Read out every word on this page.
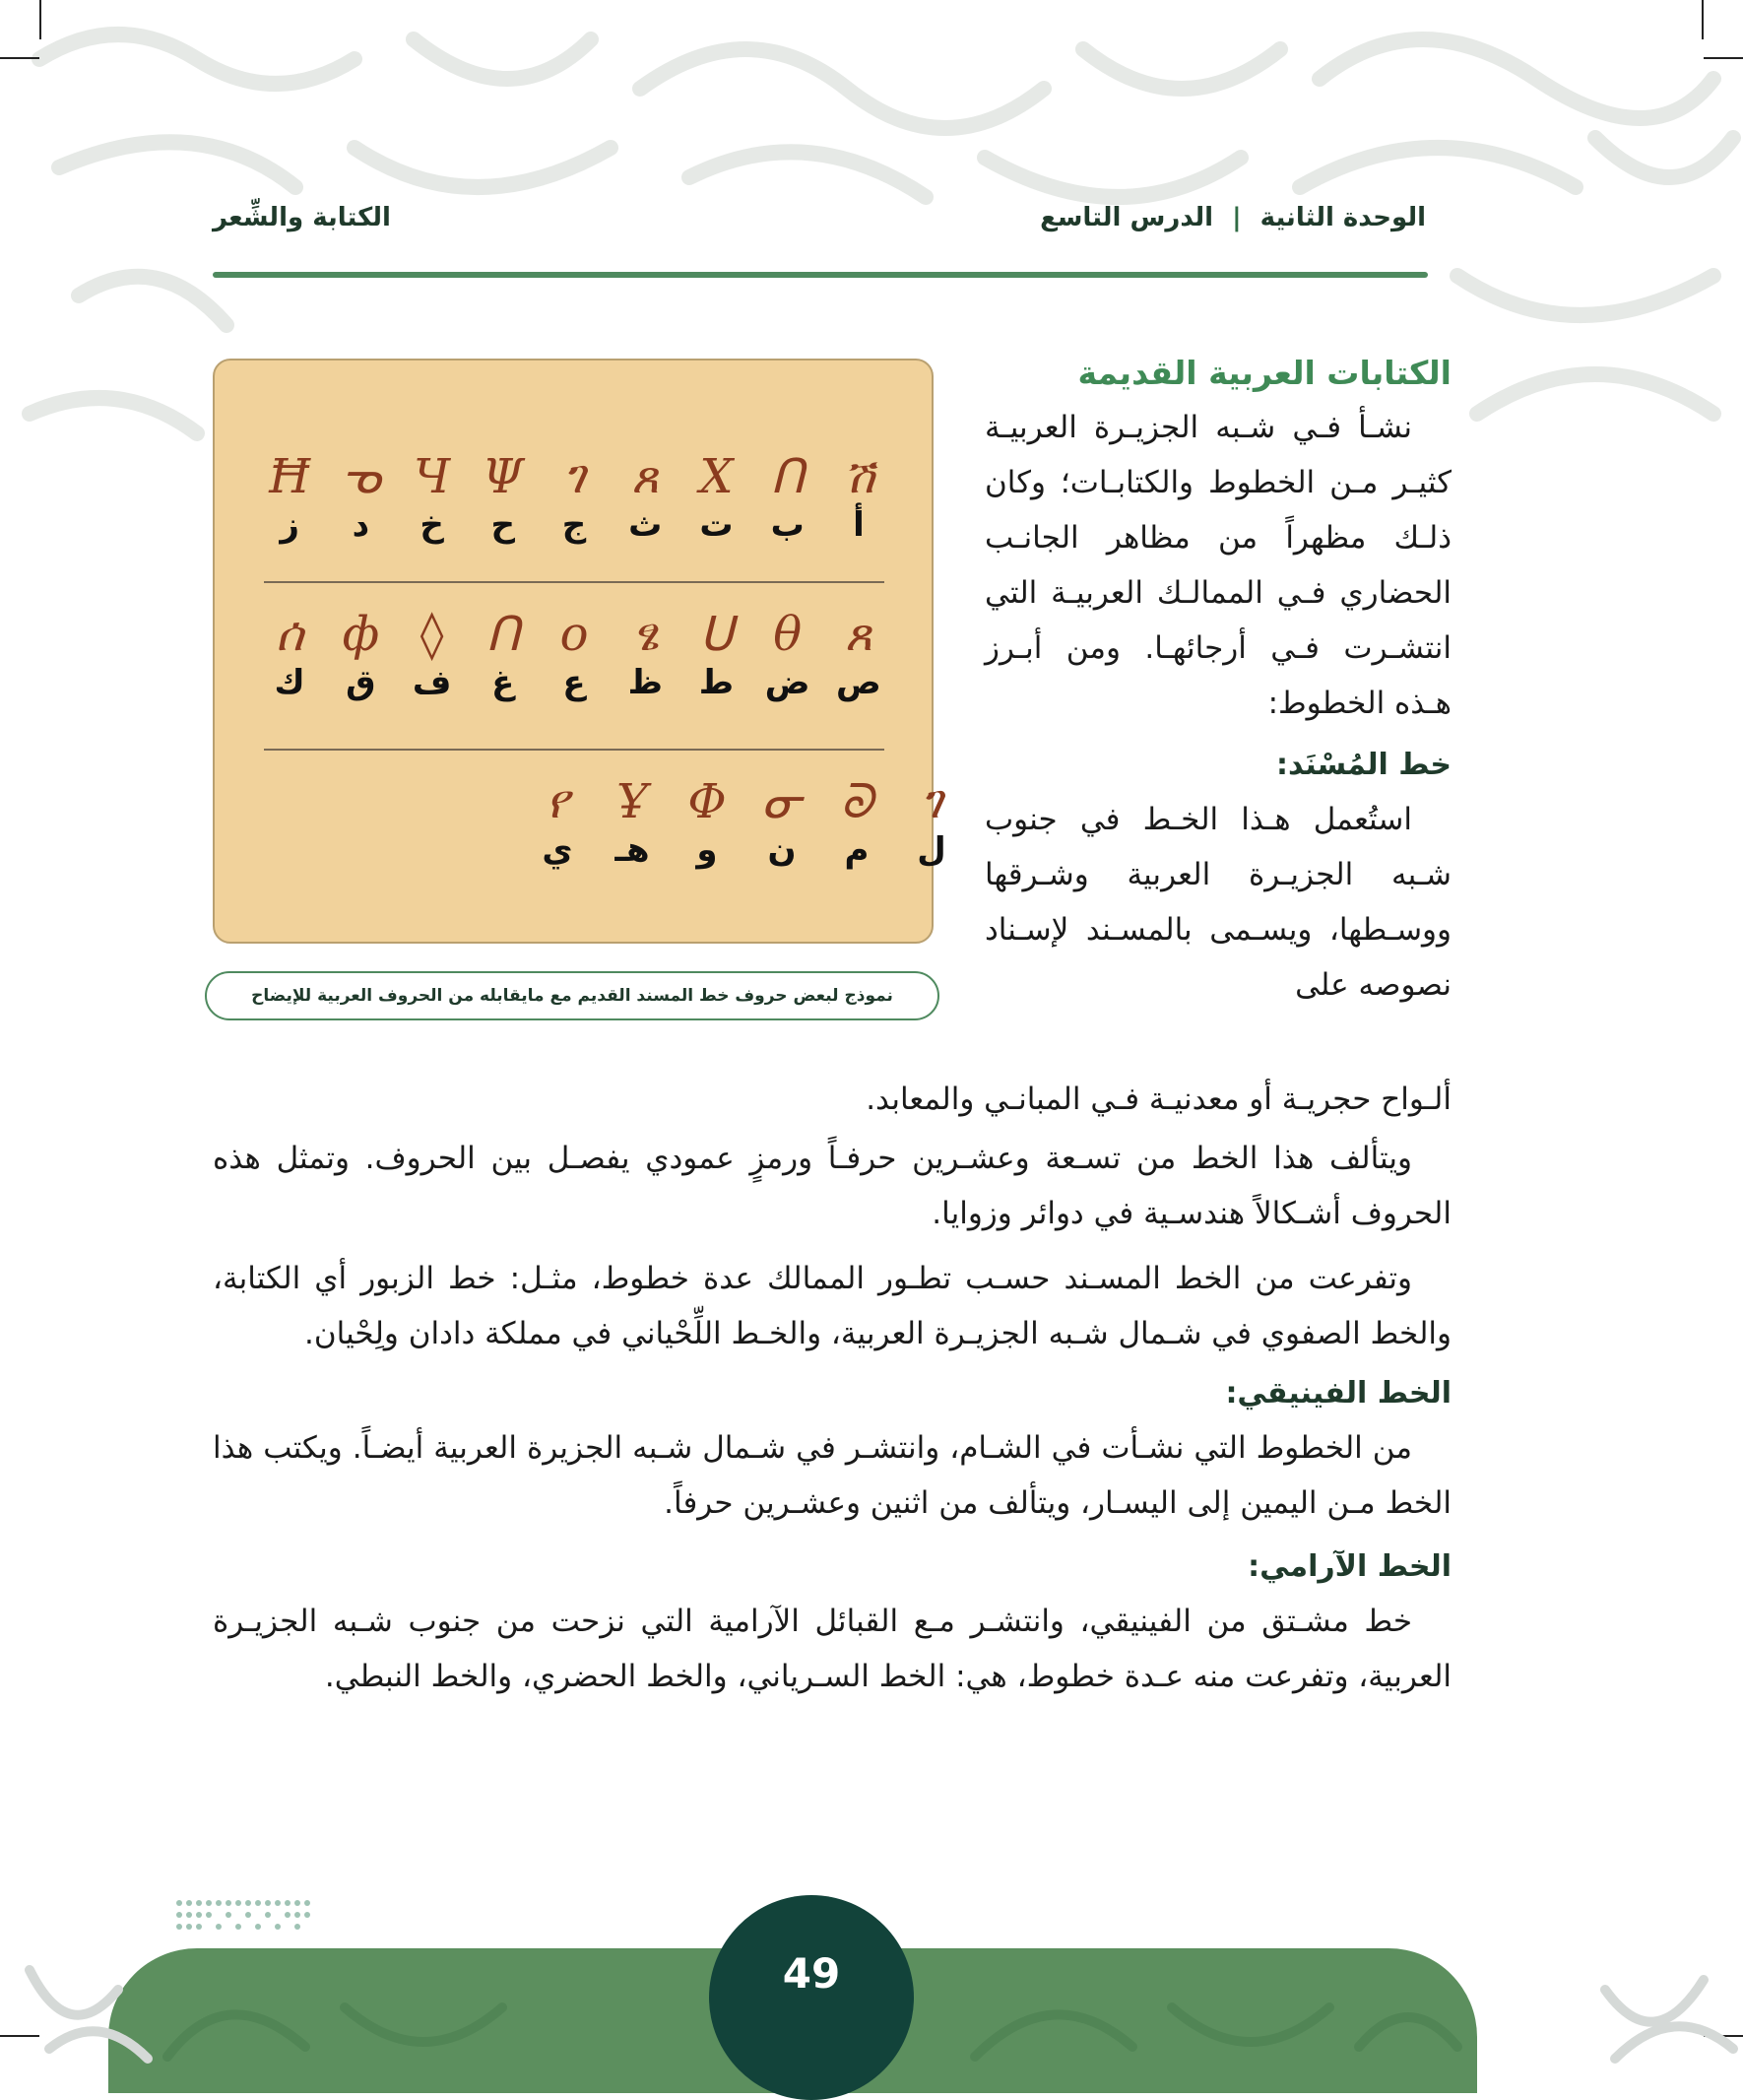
الوحدة الثانية | الدرس التاسع
الكتابة والشِّعر
ሽ
ᑎ
X
ጸ
ገ
Ψ
Ч
ᓀ
Ħ
أ
ب
ت
ث
ج
ح
خ
د
ز
ጸ
θ
ᑌ
ፄ
o
ᑎ
◊
ф
ሰ
ص
ض
ط
ظ
ع
غ
ف
ق
ك
ገ
ᘐ
ᓂ
Φ
Ұ
የ
ل
م
ن
و
هـ
ي
نموذج لبعض حروف خط المسند القديم مع مايقابله من الحروف العربية للإيضاح

الكتابات العربية القديمة

نشـأ فـي شـبه الجزيـرة العربيـة كثيـر مـن الخطوط والكتابـات؛ وكان ذلـك مظهراً من مظاهر الجانـب الحضاري فـي الممالـك العربيـة التي انتشـرت فـي أرجائهـا. ومن أبـرز هـذه الخطوط:

خط المُسْنَد:

استُعمل هـذا الخـط في جنوب شـبه الجزيـرة العربية وشـرقها ووسـطها، ويسـمى بالمسـند لإسـناد نصوصه على

ألـواح حجريـة أو معدنيـة فـي المبانـي والمعابد.

ويتألف هذا الخط من تسـعة وعشـرين حرفـاً ورمزٍ عمودي يفصـل بين الحروف. وتمثل هذه الحروف أشـكالاً هندسـية في دوائر وزوايا.

وتفرعت من الخط المسـند حسـب تطـور الممالك عدة خطوط، مثـل: خط الزبور أي الكتابة، والخط الصفوي في شـمال شـبه الجزيـرة العربية، والخـط اللِّحْياني في مملكة دادان ولِحْيان.

الخط الفينيقي:

من الخطوط التي نشـأت في الشـام، وانتشـر في شـمال شـبه الجزيرة العربية أيضـاً. ويكتب هذا الخط مـن اليمين إلى اليسـار، ويتألف من اثنين وعشـرين حرفاً.

الخط الآرامي:

خط مشـتق من الفينيقي، وانتشـر مـع القبائل الآرامية التي نزحت من جنوب شـبه الجزيـرة العربية، وتفرعت منه عـدة خطوط، هي: الخط السـرياني، والخط الحضري، والخط النبطي.

49
